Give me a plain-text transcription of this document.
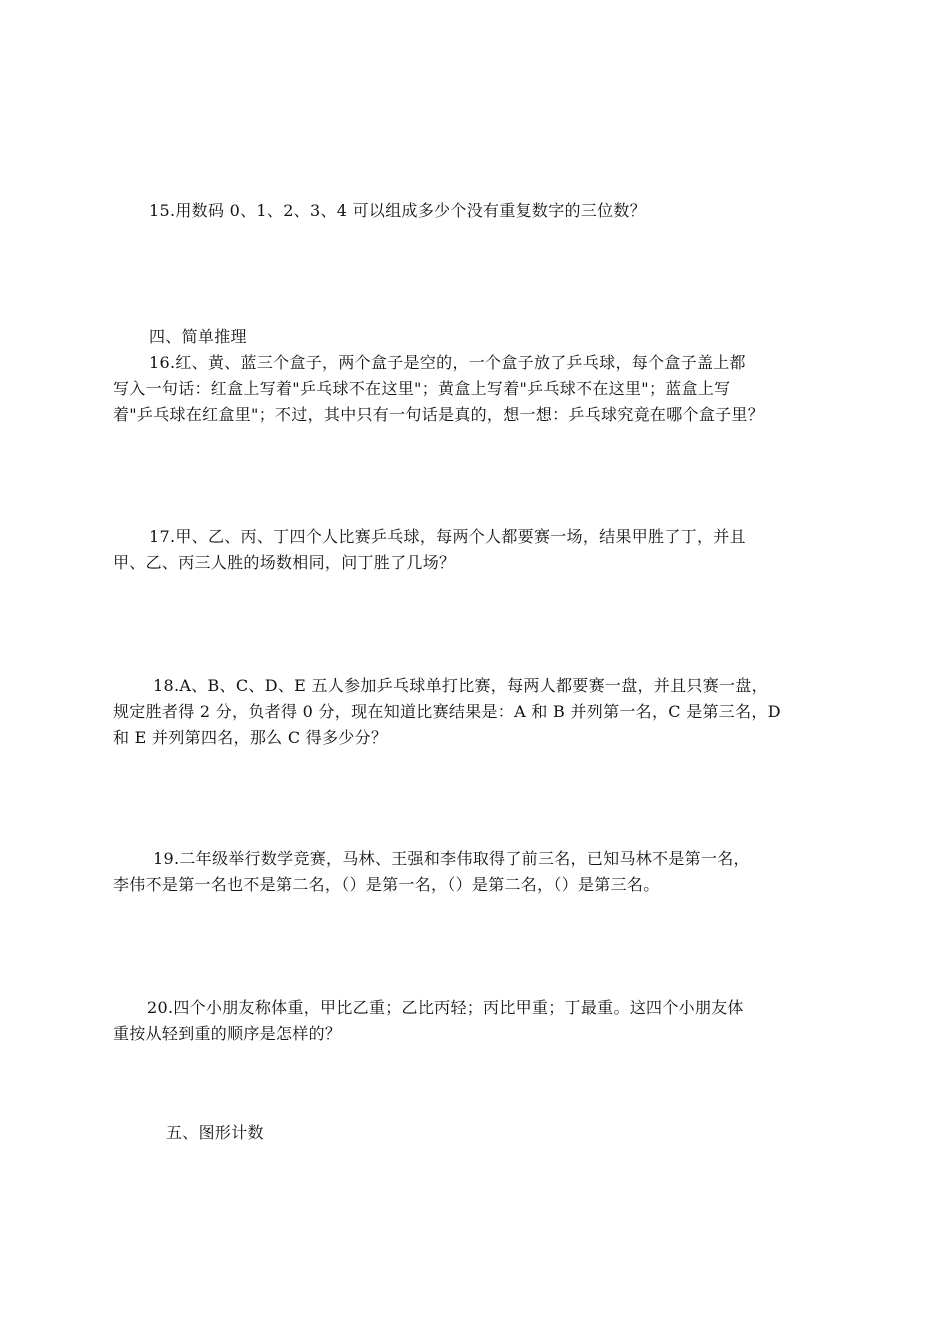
15.用数码 0、1、2、3、4 可以组成多少个没有重复数字的三位数？
四、简单推理
16.红、黄、蓝三个盒子，两个盒子是空的，一个盒子放了乒乓球，每个盒子盖上都
写入一句话：红盒上写着"乒乓球不在这里"；黄盒上写着"乒乓球不在这里"；蓝盒上写
着"乒乓球在红盒里"；不过，其中只有一句话是真的，想一想：乒乓球究竟在哪个盒子里？
17.甲、乙、丙、丁四个人比赛乒乓球，每两个人都要赛一场，结果甲胜了丁，并且
甲、乙、丙三人胜的场数相同，问丁胜了几场？
18.A、B、C、D、E 五人参加乒乓球单打比赛，每两人都要赛一盘，并且只赛一盘，
规定胜者得 2 分，负者得 0 分，现在知道比赛结果是：A 和 B 并列第一名，C 是第三名，D
和 E 并列第四名，那么 C 得多少分？
19.二年级举行数学竞赛，马林、王强和李伟取得了前三名，已知马林不是第一名，
李伟不是第一名也不是第二名，（）是第一名，（）是第二名，（）是第三名。
20.四个小朋友称体重，甲比乙重；乙比丙轻；丙比甲重；丁最重。这四个小朋友体
重按从轻到重的顺序是怎样的？
五、图形计数
